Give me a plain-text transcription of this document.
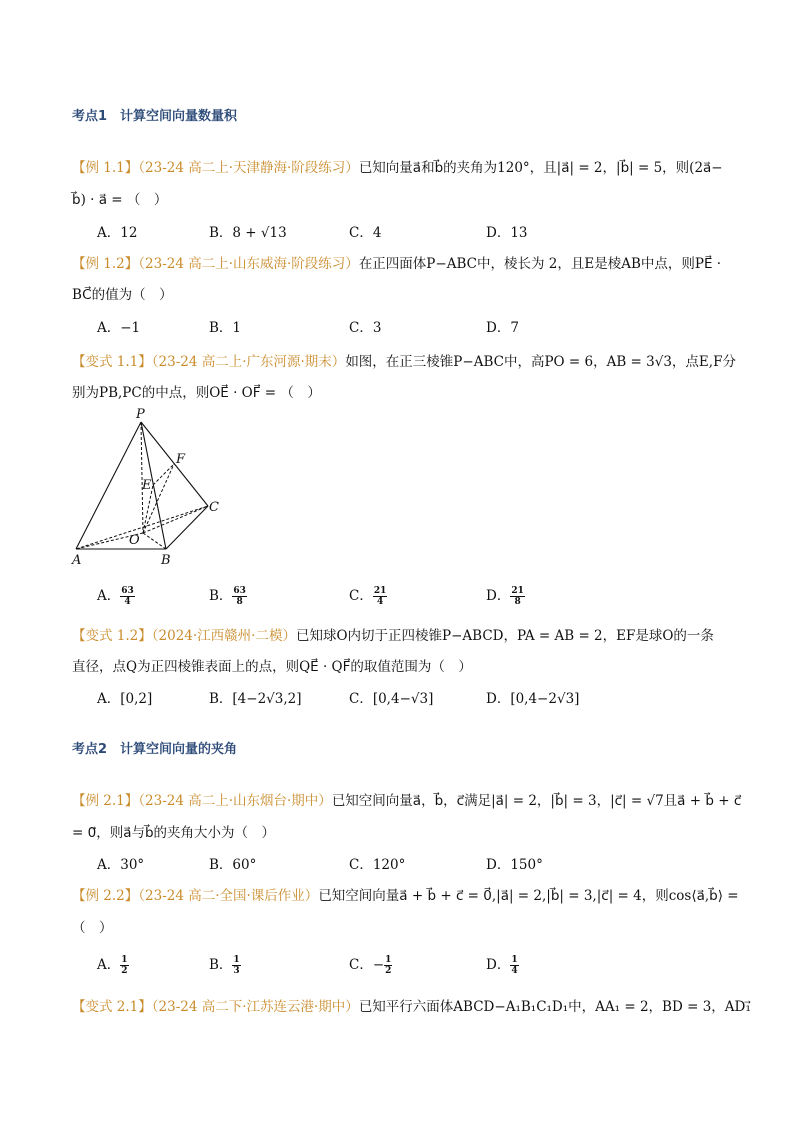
考点1　计算空间向量数量积
【例 1.1】（23-24 高二上·天津静海·阶段练习）已知向量a⃗和b⃗的夹角为120°，且|a⃗| = 2，|b⃗| = 5，则(2a⃗−
b⃗) · a⃗ = （　）
A．12	B．8 + √13	C．4	D．13
【例 1.2】（23-24 高二上·山东威海·阶段练习）在正四面体P−ABC中，棱长为 2，且E是棱AB中点，则PE⃗ ·
BC⃗的值为（　）
A．−1	B．1	C．3	D．7
【变式 1.1】（23-24 高二上·广东河源·期末）如图，在正三棱锥P−ABC中，高PO = 6，AB = 3√3，点E,F分
别为PB,PC的中点，则OE⃗ · OF⃗ = （　）
P
F
E
C
O
A	B
A． $\frac{63}{4}$	B． $\frac{63}{8}$	C． $\frac{21}{4}$	D． $\frac{21}{8}$
【变式 1.2】（2024·江西赣州·二模）已知球O内切于正四棱锥P−ABCD，PA = AB = 2，EF是球O的一条
直径，点Q为正四棱锥表面上的点，则QE⃗ · QF⃗的取值范围为（　）
A．[0,2]	B．[4−2√3,2]	C．[0,4−√3]	D．[0,4−2√3]
考点2　计算空间向量的夹角
【例 2.1】（23-24 高二上·山东烟台·期中）已知空间向量a⃗，b⃗，c⃗满足|a⃗| = 2，|b⃗| = 3，|c⃗| = √7且a⃗ + b⃗ + c⃗
= 0⃗，则a⃗与b⃗的夹角大小为（　）
A．30°	B．60°	C．120°	D．150°
【例 2.2】（23-24 高二·全国·课后作业）已知空间向量a⃗ + b⃗ + c⃗ = 0⃗,|a⃗| = 2,|b⃗| = 3,|c⃗| = 4，则cos⟨a⃗,b⃗⟩ =
（　）
A． $\frac{1}{2}$	B． $\frac{1}{3}$	C．− $\frac{1}{2}$	D． $\frac{1}{4}$
【变式 2.1】（23-24 高二下·江苏连云港·期中）已知平行六面体ABCD−A₁B₁C₁D₁中，AA₁ = 2，BD = 3，AD₁⃗
